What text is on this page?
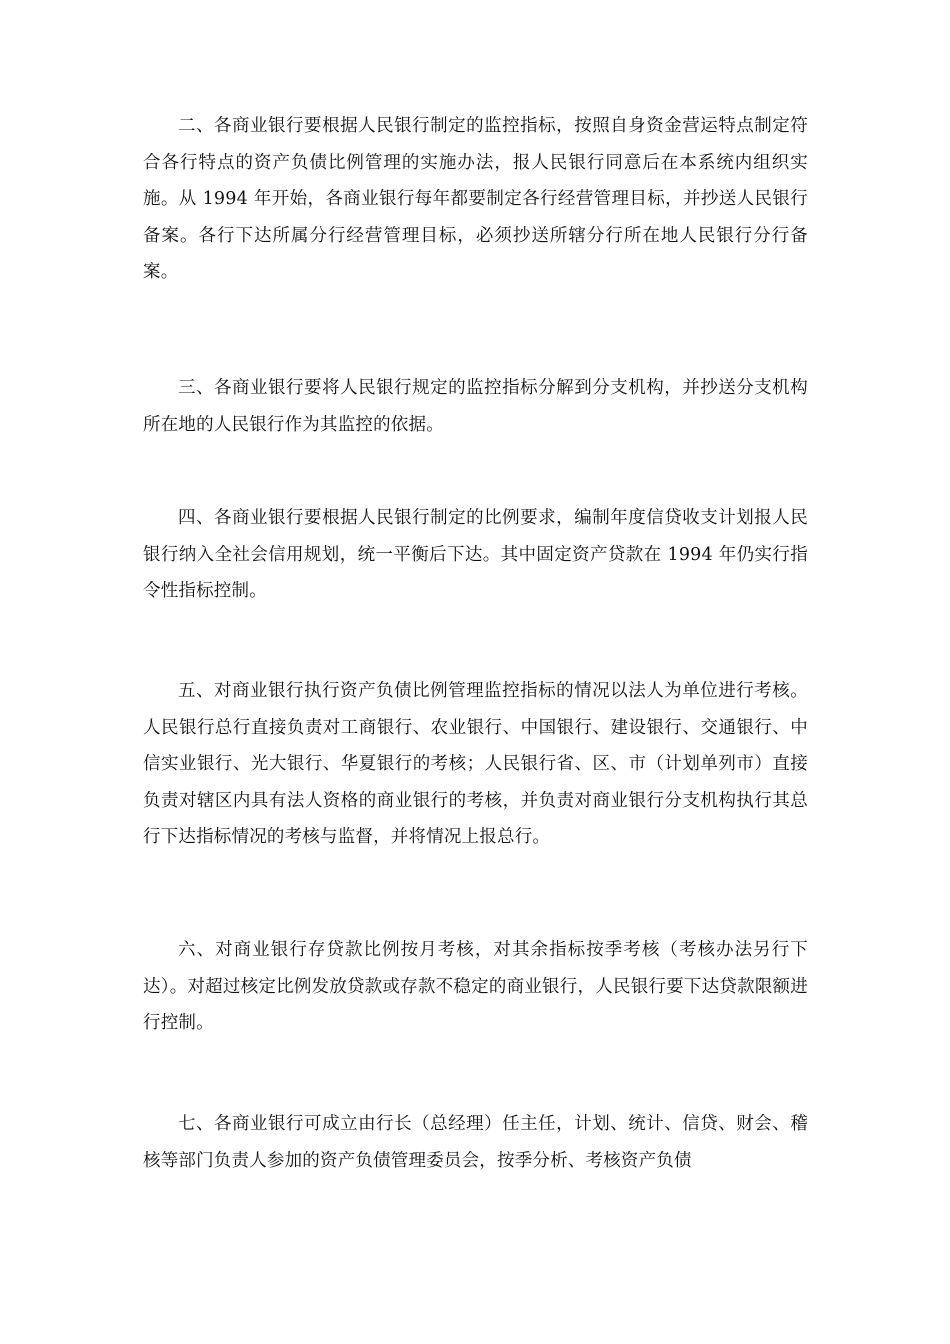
二、各商业银行要根据人民银行制定的监控指标，按照自身资金营运特点制定符合各行特点的资产负债比例管理的实施办法，报人民银行同意后在本系统内组织实施。从 1994 年开始，各商业银行每年都要制定各行经营管理目标，并抄送人民银行备案。各行下达所属分行经营管理目标，必须抄送所辖分行所在地人民银行分行备案。

三、各商业银行要将人民银行规定的监控指标分解到分支机构，并抄送分支机构所在地的人民银行作为其监控的依据。

四、各商业银行要根据人民银行制定的比例要求，编制年度信贷收支计划报人民银行纳入全社会信用规划，统一平衡后下达。其中固定资产贷款在 1994 年仍实行指令性指标控制。

五、对商业银行执行资产负债比例管理监控指标的情况以法人为单位进行考核。人民银行总行直接负责对工商银行、农业银行、中国银行、建设银行、交通银行、中信实业银行、光大银行、华夏银行的考核；人民银行省、区、市（计划单列市）直接负责对辖区内具有法人资格的商业银行的考核，并负责对商业银行分支机构执行其总行下达指标情况的考核与监督，并将情况上报总行。

六、对商业银行存贷款比例按月考核，对其余指标按季考核（考核办法另行下达）。对超过核定比例发放贷款或存款不稳定的商业银行，人民银行要下达贷款限额进行控制。

七、各商业银行可成立由行长（总经理）任主任，计划、统计、信贷、财会、稽核等部门负责人参加的资产负债管理委员会，按季分析、考核资产负债
